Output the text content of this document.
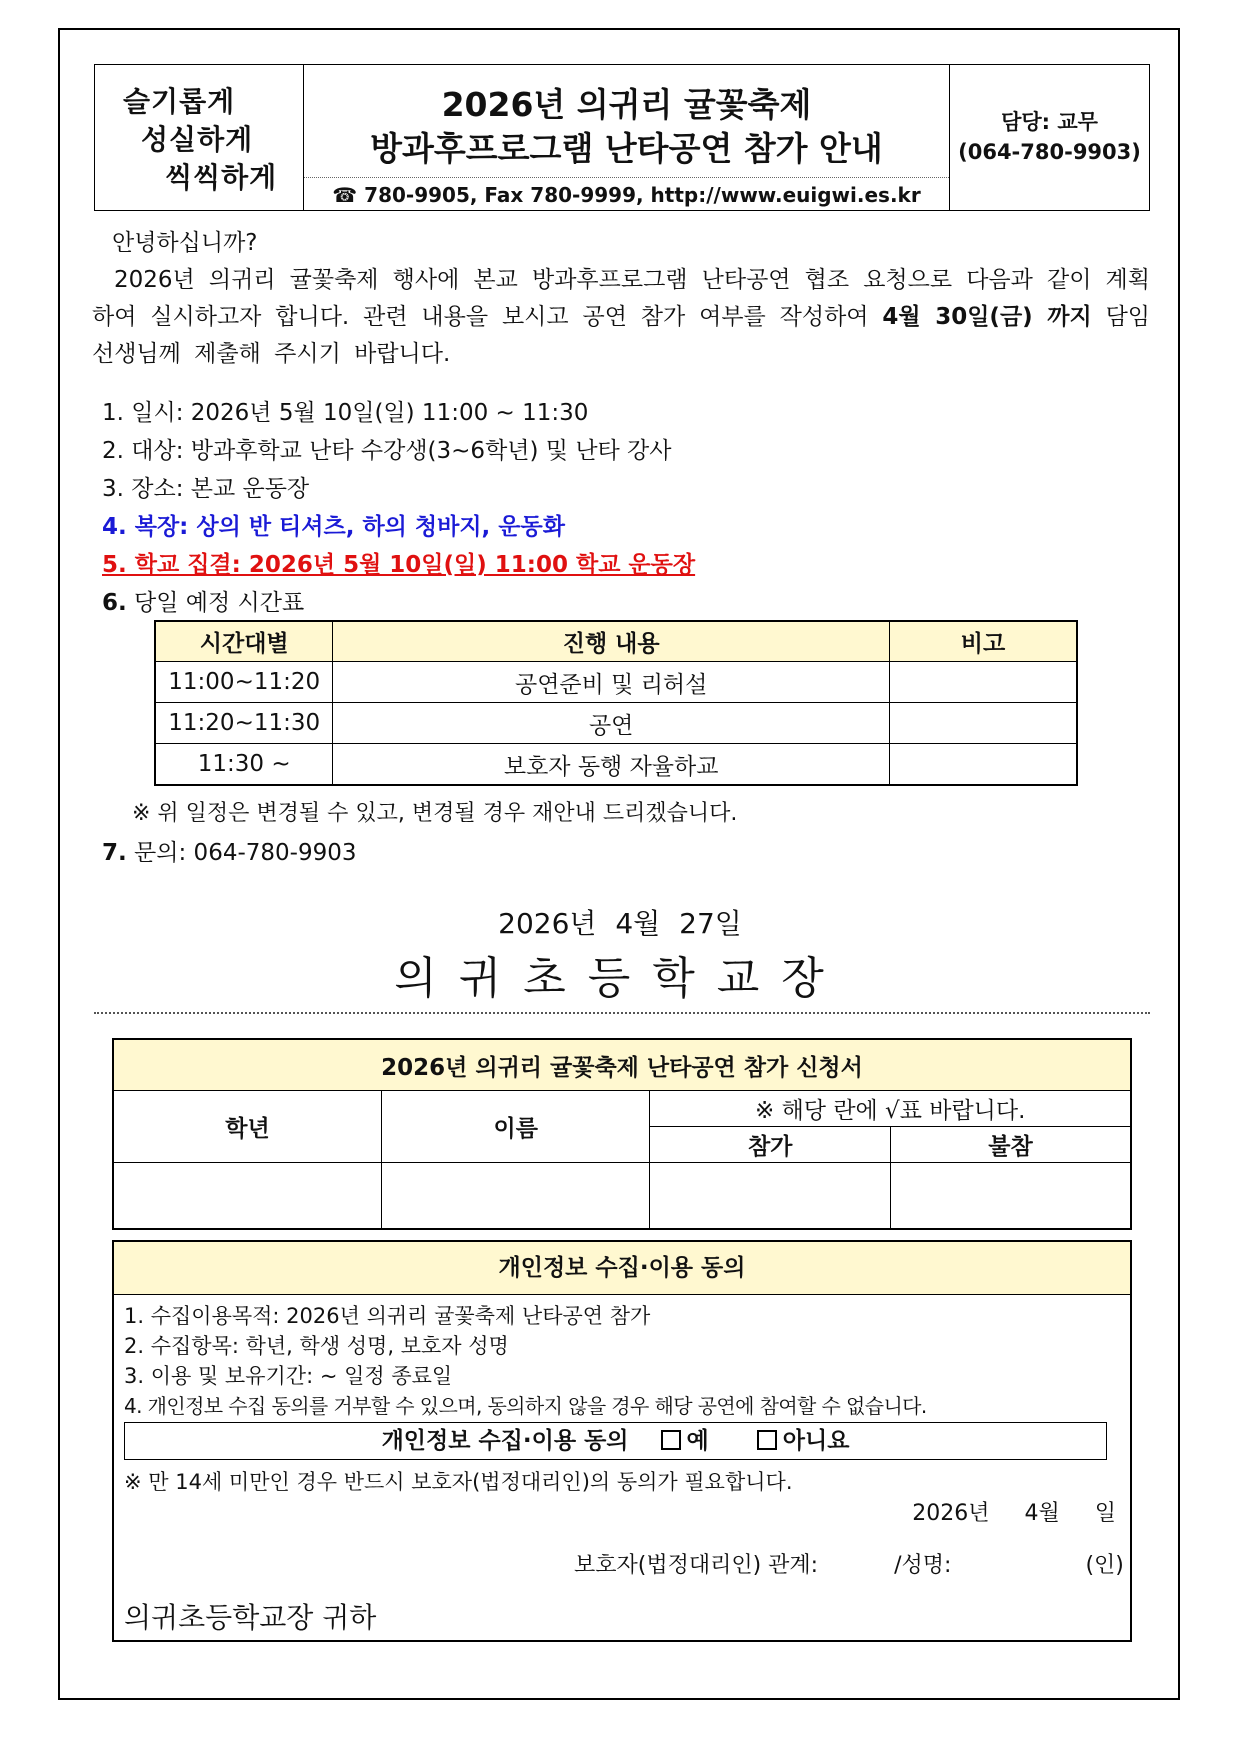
슬기롭게
성실하게
씩씩하게
2026년 의귀리 귤꽃축제
방과후프로그램 난타공연 참가 안내
☎ 780-9905, Fax 780-9999, http://www.euigwi.es.kr
담당: 교무
(064-780-9903)
안녕하십니까?
2026년 의귀리 귤꽃축제 행사에 본교 방과후프로그램 난타공연 협조 요청으로 다음과 같이 계획하여 실시하고자 합니다. 관련 내용을 보시고 공연 참가 여부를 작성하여 4월 30일(금) 까지 담임 선생님께 제출해 주시기 바랍니다.
1. 일시: 2026년 5월 10일(일) 11:00 ~ 11:30
2. 대상: 방과후학교 난타 수강생(3~6학년) 및 난타 강사
3. 장소: 본교 운동장
4. 복장: 상의 반 티셔츠, 하의 청바지, 운동화
5. 학교 집결: 2026년 5월 10일(일) 11:00 학교 운동장
6. 당일 예정 시간표
시간대별	진행 내용	비고
11:00~11:20	공연준비 및 리허설	
11:20~11:30	공연	
11:30 ~	보호자 동행 자율하교	
※ 위 일정은 변경될 수 있고, 변경될 경우 재안내 드리겠습니다.
7. 문의: 064-780-9903
2026년 4월 27일
의귀초등학교장
2026년 의귀리 귤꽃축제 난타공연 참가 신청서			
학년	이름	※ 해당 란에 √표 바랍니다.	
		참가	불참

개인정보 수집·이용 동의
1. 수집이용목적: 2026년 의귀리 귤꽃축제 난타공연 참가
2. 수집항목: 학년, 학생 성명, 보호자 성명
3. 이용 및 보유기간: ~ 일정 종료일
4. 개인정보 수집 동의를 거부할 수 있으며, 동의하지 않을 경우 해당 공연에 참여할 수 없습니다.
개인정보 수집·이용 동의	예	아니요
※ 만 14세 미만인 경우 반드시 보호자(법정대리인)의 동의가 필요합니다.
2026년 4월 일
보호자(법정대리인) 관계:	/성명:	(인)
의귀초등학교장 귀하
